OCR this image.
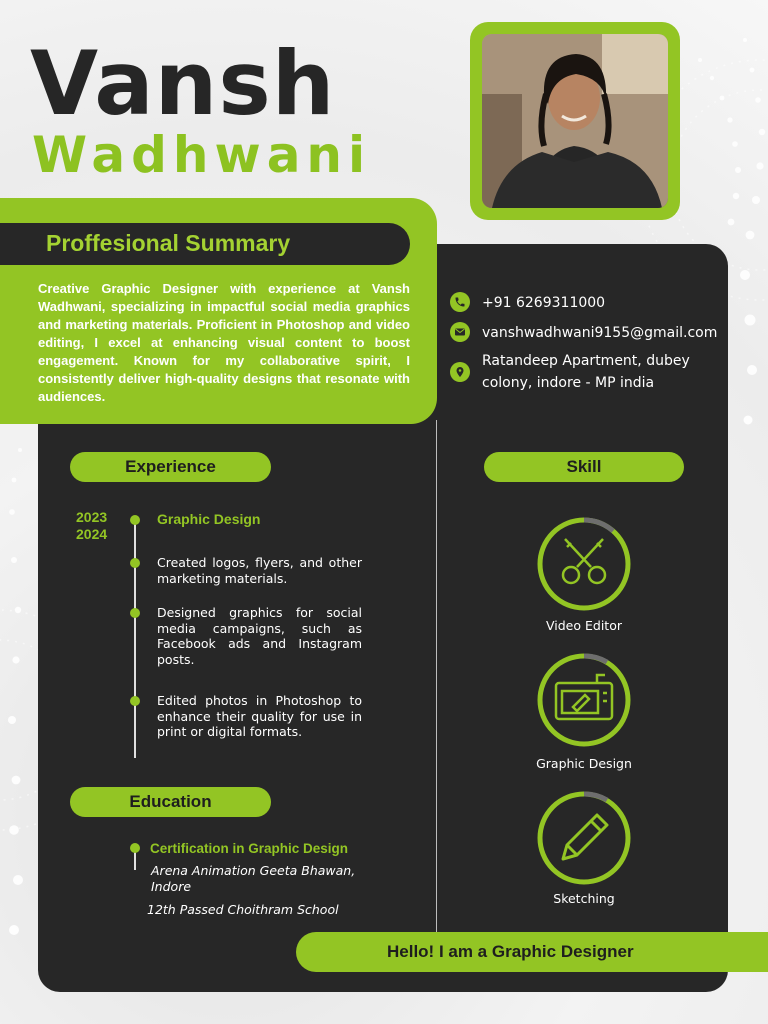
Vansh
Wadhwani
Proffesional Summary
Creative Graphic Designer with experience at Vansh Wadhwani, specializing in impactful social media graphics and marketing materials. Proficient in Photoshop and video editing, I excel at enhancing visual content to boost engagement. Known for my collaborative spirit, I consistently deliver high-quality designs that resonate with audiences.
+91 6269311000
vanshwadhwani9155@gmail.com
Ratandeep Apartment, dubey
colony, indore - MP india
Experience
2023
2024
Graphic Design
Created logos, flyers, and other marketing materials.
Designed graphics for social media campaigns, such as Facebook ads and Instagram posts.
Edited photos in Photoshop to enhance their quality for use in print or digital formats.
Education
Certification in Graphic Design
Arena Animation Geeta Bhawan, Indore
12th Passed Choithram School
Skill
Video Editor
Graphic Design
Sketching
Hello! I am a Graphic Designer
